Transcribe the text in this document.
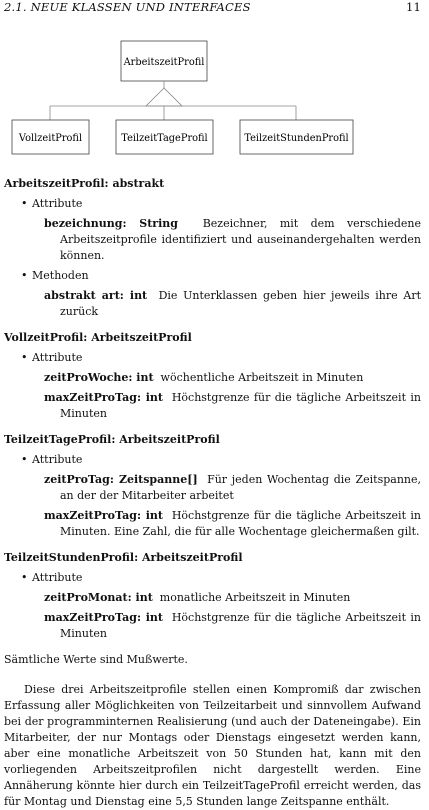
2.1. NEUE KLASSEN UND INTERFACES	11
ArbeitszeitProfil
VollzeitProfil	TeilzeitTageProfil	TeilzeitStundenProfil

ArbeitszeitProfil: abstrakt

• Attribute
bezeichnung: String Bezeichner, mit dem verschiedene Arbeitszeitprofile identifiziert und auseinandergehalten werden können.
• Methoden
abstrakt art: int Die Unterklassen geben hier jeweils ihre Art zurück

VollzeitProfil: ArbeitszeitProfil

• Attribute
zeitProWoche: int wöchentliche Arbeitszeit in Minuten
maxZeitProTag: int Höchstgrenze für die tägliche Arbeitszeit in Minuten

TeilzeitTageProfil: ArbeitszeitProfil

• Attribute
zeitProTag: Zeitspanne[] Für jeden Wochentag die Zeitspanne, an der der Mitarbeiter arbeitet
maxZeitProTag: int Höchstgrenze für die tägliche Arbeitszeit in Minuten. Eine Zahl, die für alle Wochentage gleichermaßen gilt.

TeilzeitStundenProfil: ArbeitszeitProfil

• Attribute
zeitProMonat: int monatliche Arbeitszeit in Minuten
maxZeitProTag: int Höchstgrenze für die tägliche Arbeitszeit in Minuten

Sämtliche Werte sind Mußwerte.

Diese drei Arbeitszeitprofile stellen einen Kompromiß dar zwischen Erfassung aller Möglichkeiten von Teilzeitarbeit und sinnvollem Aufwand bei der programminternen Realisierung (und auch der Dateneingabe). Ein Mitarbeiter, der nur Montags oder Dienstags eingesetzt werden kann, aber eine monatliche Arbeitszeit von 50 Stunden hat, kann mit den vorliegenden Arbeitszeitprofilen nicht dargestellt werden. Eine Annäherung könnte hier durch ein TeilzeitTageProfil erreicht werden, das für Montag und Dienstag eine 5,5 Stunden lange Zeitspanne enthält.
